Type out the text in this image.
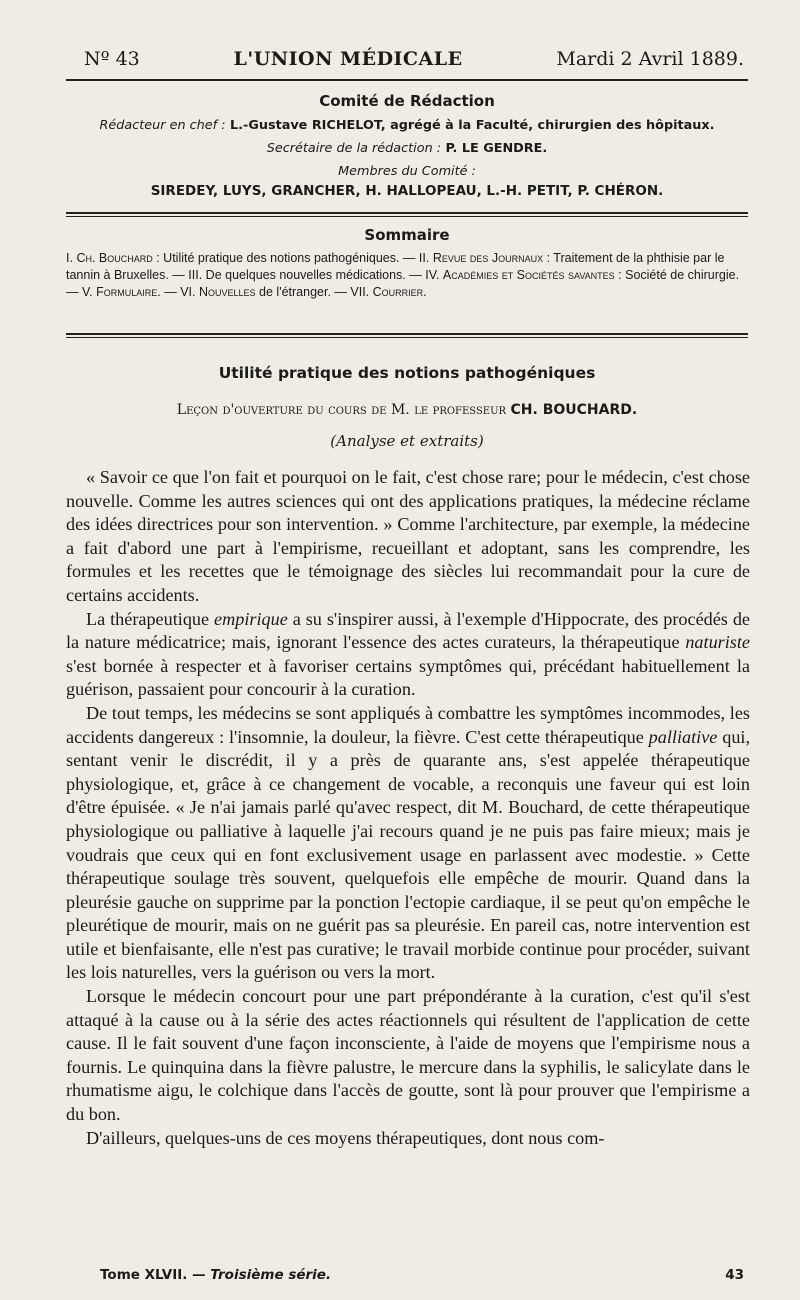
Nº 43	L'UNION MÉDICALE	Mardi 2 Avril 1889.
Comité de Rédaction
Rédacteur en chef : L.-Gustave RICHELOT, agrégé à la Faculté, chirurgien des hôpitaux.
Secrétaire de la rédaction : P. LE GENDRE.
Membres du Comité :
SIREDEY, LUYS, GRANCHER, H. HALLOPEAU, L.-H. PETIT, P. CHÉRON.
Sommaire

I. Ch. Bouchard : Utilité pratique des notions pathogéniques. — II. Revue des Journaux : Traitement de la phthisie par le tannin à Bruxelles. — III. De quelques nouvelles médications. — IV. Académies et Sociétés savantes : Société de chirurgie. — V. Formulaire. — VI. Nouvelles de l'étranger. — VII. Courrier.

Utilité pratique des notions pathogéniques
Leçon d'ouverture du cours de M. le professeur CH. BOUCHARD.
(Analyse et extraits)

« Savoir ce que l'on fait et pourquoi on le fait, c'est chose rare; pour le médecin, c'est chose nouvelle. Comme les autres sciences qui ont des applications pratiques, la médecine réclame des idées directrices pour son intervention. » Comme l'architecture, par exemple, la médecine a fait d'abord une part à l'empirisme, recueillant et adoptant, sans les comprendre, les formules et les recettes que le témoignage des siècles lui recommandait pour la cure de certains accidents.

La thérapeutique empirique a su s'inspirer aussi, à l'exemple d'Hippocrate, des procédés de la nature médicatrice; mais, ignorant l'essence des actes curateurs, la thérapeutique naturiste s'est bornée à respecter et à favoriser certains symptômes qui, précédant habituellement la guérison, passaient pour concourir à la curation.

De tout temps, les médecins se sont appliqués à combattre les symptômes incommodes, les accidents dangereux : l'insomnie, la douleur, la fièvre. C'est cette thérapeutique palliative qui, sentant venir le discrédit, il y a près de quarante ans, s'est appelée thérapeutique physiologique, et, grâce à ce changement de vocable, a reconquis une faveur qui est loin d'être épuisée. « Je n'ai jamais parlé qu'avec respect, dit M. Bouchard, de cette thérapeutique physiologique ou palliative à laquelle j'ai recours quand je ne puis pas faire mieux; mais je voudrais que ceux qui en font exclusivement usage en parlassent avec modestie. » Cette thérapeutique soulage très souvent, quelquefois elle empêche de mourir. Quand dans la pleurésie gauche on supprime par la ponction l'ectopie cardiaque, il se peut qu'on empêche le pleurétique de mourir, mais on ne guérit pas sa pleurésie. En pareil cas, notre intervention est utile et bienfaisante, elle n'est pas curative; le travail morbide continue pour procéder, suivant les lois naturelles, vers la guérison ou vers la mort.

Lorsque le médecin concourt pour une part prépondérante à la curation, c'est qu'il s'est attaqué à la cause ou à la série des actes réactionnels qui résultent de l'application de cette cause. Il le fait souvent d'une façon inconsciente, à l'aide de moyens que l'empirisme nous a fournis. Le quinquina dans la fièvre palustre, le mercure dans la syphilis, le salicylate dans le rhumatisme aigu, le colchique dans l'accès de goutte, sont là pour prouver que l'empirisme a du bon.

D'ailleurs, quelques-uns de ces moyens thérapeutiques, dont nous com-

Tome XLVII. — Troisième série.	43
